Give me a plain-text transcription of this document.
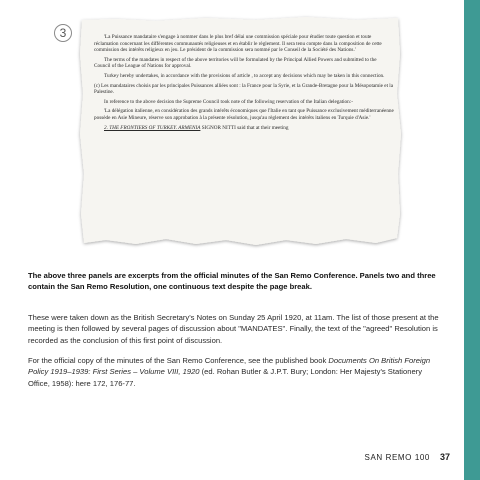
3	'La Puissance mandataire s'engage à nommer dans le plus bref délai une commission spéciale pour étudier toute question et toute réclamation concernant les différentes communautés religieuses et en établir le règlement. Il sera tenu compte dans la composition de cette commission des intérêts religieux en jeu. Le président de la commission sera nommé par le Conseil de la Société des Nations.'

The terms of the mandates in respect of the above territories will be formulated by the Principal Allied Powers and submitted to the Council of the League of Nations for approval.

Turkey hereby undertakes, in accordance with the provisions of article , to accept any decisions which may be taken in this connection.

(c) Les mandataires choisis par les principales Puissances alliées sont : la France pour la Syrie, et la Grande-Bretagne pour la Mésopotamie et la Palestine.

In reference to the above decision the Supreme Council took note of the following reservation of the Italian delegation:-

'La délégation italienne, en considération des grands intérêts économiques que l'Italie en tant que Puissance exclusivement méditerranéenne possède en Asie Mineure, réserve son approbation à la présente résolution, jusqu'au règlement des intérêts italiens en Turquie d'Asie.'

2. THE FRONTIERS OF TURKEY. ARMENIA SIGNOR NITTI said that at their meeting

The above three panels are excerpts from the official minutes of the San Remo Conference. Panels two and three contain the San Remo Resolution, one continuous text despite the page break.
These were taken down as the British Secretary's Notes on Sunday 25 April 1920, at 11am. The list of those present at the meeting is then followed by several pages of discussion about "MANDATES". Finally, the text of the "agreed" Resolution is recorded as the conclusion of this first point of discussion.
For the official copy of the minutes of the San Remo Conference, see the published book Documents On British Foreign Policy 1919–1939: First Series – Volume VIII, 1920 (ed. Rohan Butler & J.P.T. Bury; London: Her Majesty's Stationery Office, 1958): here 172, 176-77.
SAN REMO 100 37
